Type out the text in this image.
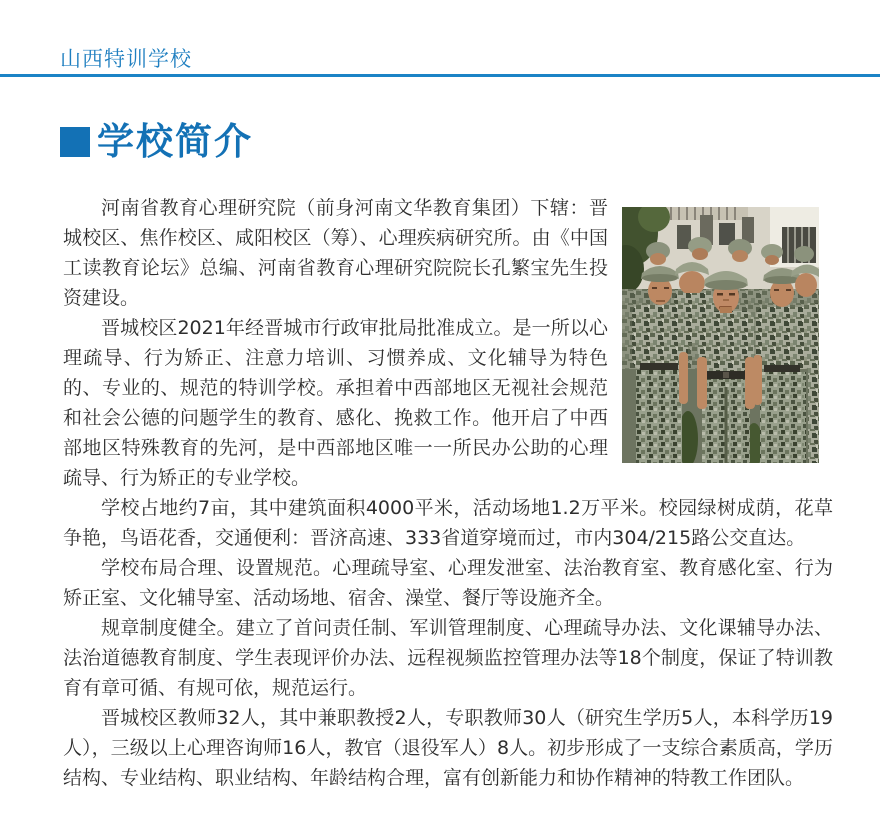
山西特训学校
学校简介

河南省教育心理研究院（前身河南文华教育集团）下辖：晋城校区、焦作校区、咸阳校区（筹）、心理疾病研究所。由《中国工读教育论坛》总编、河南省教育心理研究院院长孔繁宝先生投资建设。

晋城校区2021年经晋城市行政审批局批准成立。是一所以心理疏导、行为矫正、注意力培训、习惯养成、文化辅导为特色的、专业的、规范的特训学校。承担着中西部地区无视社会规范和社会公德的问题学生的教育、感化、挽救工作。他开启了中西部地区特殊教育的先河，是中西部地区唯一一所民办公助的心理疏导、行为矫正的专业学校。

学校占地约7亩，其中建筑面积4000平米，活动场地1.2万平米。校园绿树成荫，花草争艳，鸟语花香，交通便利：晋济高速、333省道穿境而过，市内304/215路公交直达。

学校布局合理、设置规范。心理疏导室、心理发泄室、法治教育室、教育感化室、行为矫正室、文化辅导室、活动场地、宿舍、澡堂、餐厅等设施齐全。

规章制度健全。建立了首问责任制、军训管理制度、心理疏导办法、文化课辅导办法、法治道德教育制度、学生表现评价办法、远程视频监控管理办法等18个制度，保证了特训教育有章可循、有规可依，规范运行。

晋城校区教师32人，其中兼职教授2人，专职教师30人（研究生学历5人，本科学历19人），三级以上心理咨询师16人，教官（退役军人）8人。初步形成了一支综合素质高，学历结构、专业结构、职业结构、年龄结构合理，富有创新能力和协作精神的特教工作团队。
